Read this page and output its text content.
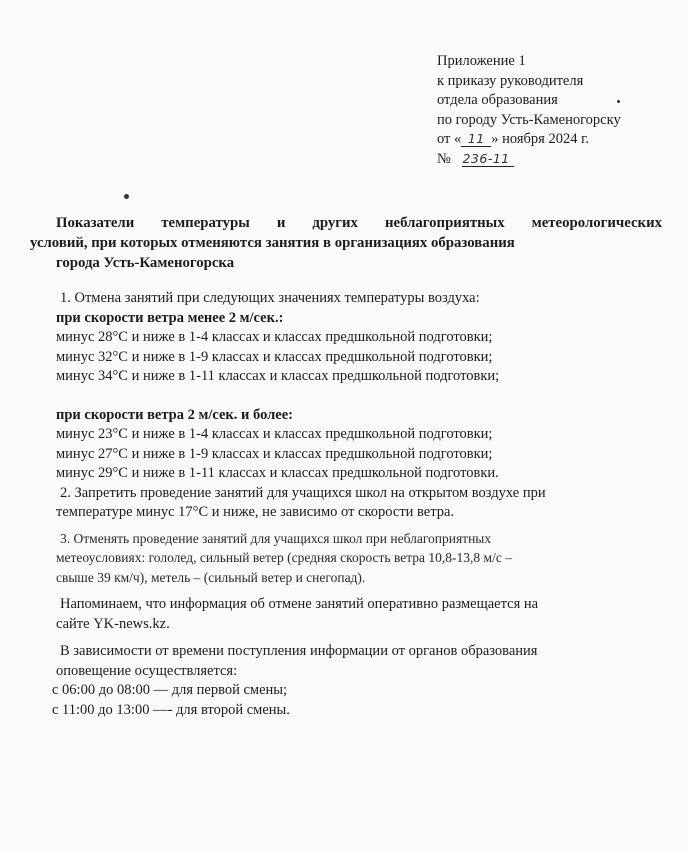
Приложение 1
к приказу руководителя
отдела образования
по городу Усть-Каменогорску
от « 11 » ноября 2024 г.
№ 236-11
Показатели температуры и других неблагоприятных метеорологических
условий, при которых отменяются занятия в организациях образования
города Усть-Каменогорска
1. Отмена занятий при следующих значениях температуры воздуха:
при скорости ветра менее 2 м/сек.:
минус 28°С и ниже в 1-4 классах и классах предшкольной подготовки;
минус 32°С и ниже в 1-9 классах и классах предшкольной подготовки;
минус 34°С и ниже в 1-11 классах и классах предшкольной подготовки;
при скорости ветра 2 м/сек. и более:
минус 23°С и ниже в 1-4 классах и классах предшкольной подготовки;
минус 27°С и ниже в 1-9 классах и классах предшкольной подготовки;
минус 29°С и ниже в 1-11 классах и классах предшкольной подготовки.
2. Запретить проведение занятий для учащихся школ на открытом воздухе при
температуре минус 17°С и ниже, не зависимо от скорости ветра.
3. Отменять проведение занятий для учащихся школ при неблагоприятных
метеоусловиях: гололед, сильный ветер (средняя скорость ветра 10,8-13,8 м/с –
свыше 39 км/ч), метель – (сильный ветер и снегопад).
Напоминаем, что информация об отмене занятий оперативно размещается на
сайте YK-news.kz.
В зависимости от времени поступления информации от органов образования
оповещение осуществляется:
с 06:00 до 08:00 — для первой смены;
с 11:00 до 13:00 —- для второй смены.
